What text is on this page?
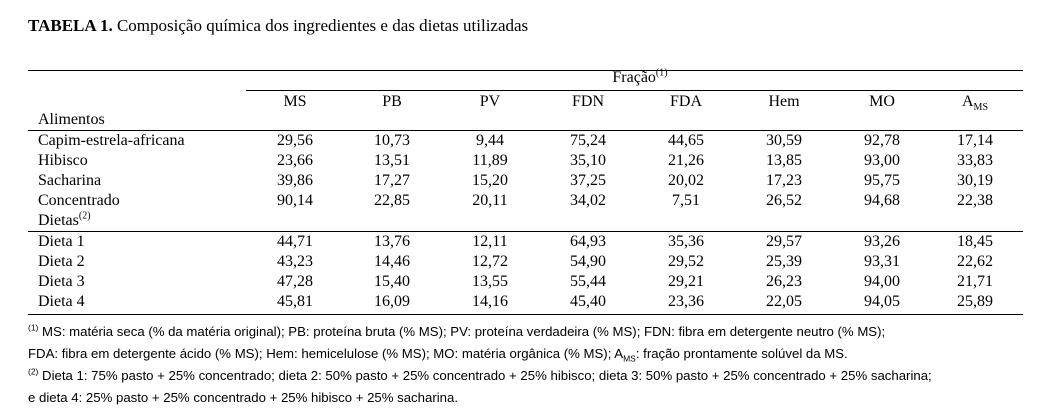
TABELA 1. Composição química dos ingredientes e das dietas utilizadas
Fração$^{(1)}$
MS	PB	PV	FDN	FDA	Hem	MO	$A_{MS}$
Alimentos
Capim-estrela-africana	29,56	10,73	9,44	75,24	44,65	30,59	92,78	17,14
Hibisco	23,66	13,51	11,89	35,10	21,26	13,85	93,00	33,83
Sacharina	39,86	17,27	15,20	37,25	20,02	17,23	95,75	30,19
Concentrado	90,14	22,85	20,11	34,02	7,51	26,52	94,68	22,38
Dietas$^{(2)}$
Dieta 1	44,71	13,76	12,11	64,93	35,36	29,57	93,26	18,45
Dieta 2	43,23	14,46	12,72	54,90	29,52	25,39	93,31	22,62
Dieta 3	47,28	15,40	13,55	55,44	29,21	26,23	94,00	21,71
Dieta 4	45,81	16,09	14,16	45,40	23,36	22,05	94,05	25,89
$^{(1)}$ MS: matéria seca (% da matéria original); PB: proteína bruta (% MS); PV: proteína verdadeira (% MS); FDN: fibra em detergente neutro (% MS);
FDA: fibra em detergente ácido (% MS); Hem: hemicelulose (% MS); MO: matéria orgânica (% MS); $A_{MS}$: fração prontamente solúvel da MS.
$^{(2)}$ Dieta 1: 75% pasto + 25% concentrado; dieta 2: 50% pasto + 25% concentrado + 25% hibisco; dieta 3: 50% pasto + 25% concentrado + 25% sacharina;
e dieta 4: 25% pasto + 25% concentrado + 25% hibisco + 25% sacharina.
